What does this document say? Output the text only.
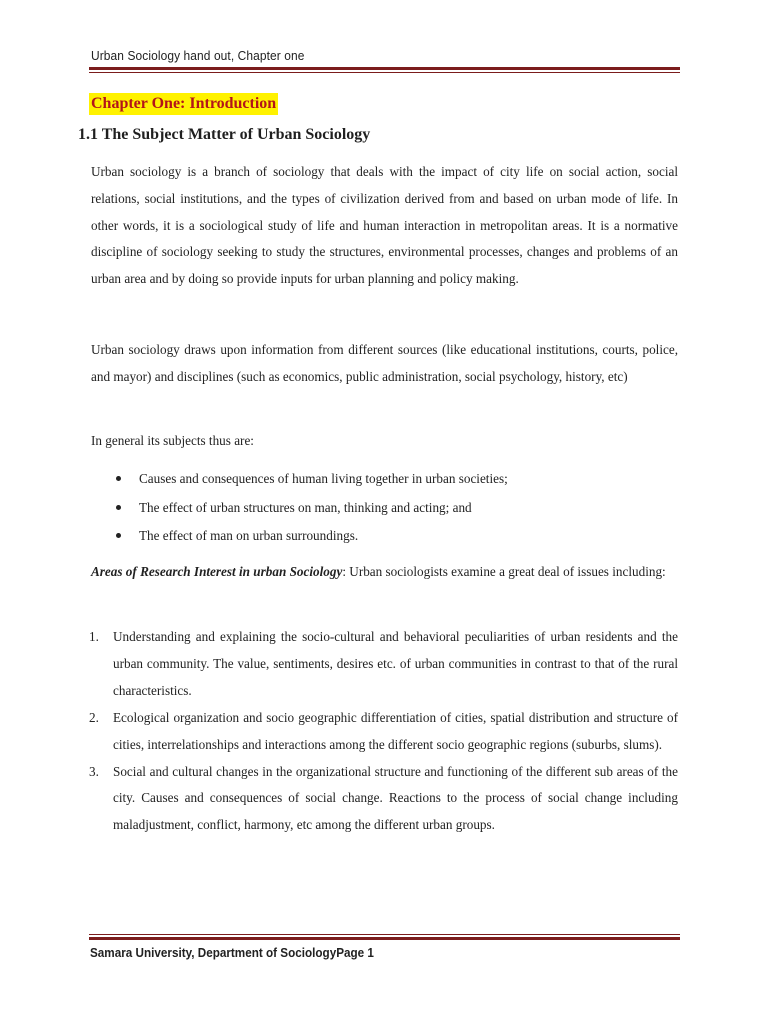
Urban Sociology hand out, Chapter one
Chapter One: Introduction
1.1 The Subject Matter of Urban Sociology

Urban sociology is a branch of sociology that deals with the impact of city life on social action, social relations, social institutions, and the types of civilization derived from and based on urban mode of life. In other words, it is a sociological study of life and human interaction in metropolitan areas. It is a normative discipline of sociology seeking to study the structures, environmental processes, changes and problems of an urban area and by doing so provide inputs for urban planning and policy making.

Urban sociology draws upon information from different sources (like educational institutions, courts, police, and mayor) and disciplines (such as economics, public administration, social psychology, history, etc)

In general its subjects thus are:

Causes and consequences of human living together in urban societies;
The effect of urban structures on man, thinking and acting; and
The effect of man on urban surroundings.

Areas of Research Interest in urban Sociology: Urban sociologists examine a great deal of issues including:

1. Understanding and explaining the socio-cultural and behavioral peculiarities of urban residents and the urban community. The value, sentiments, desires etc. of urban communities in contrast to that of the rural characteristics.
2. Ecological organization and socio geographic differentiation of cities, spatial distribution and structure of cities, interrelationships and interactions among the different socio geographic regions (suburbs, slums).
3. Social and cultural changes in the organizational structure and functioning of the different sub areas of the city. Causes and consequences of social change. Reactions to the process of social change including maladjustment, conflict, harmony, etc among the different urban groups.
Samara University, Department of SociologyPage 1
